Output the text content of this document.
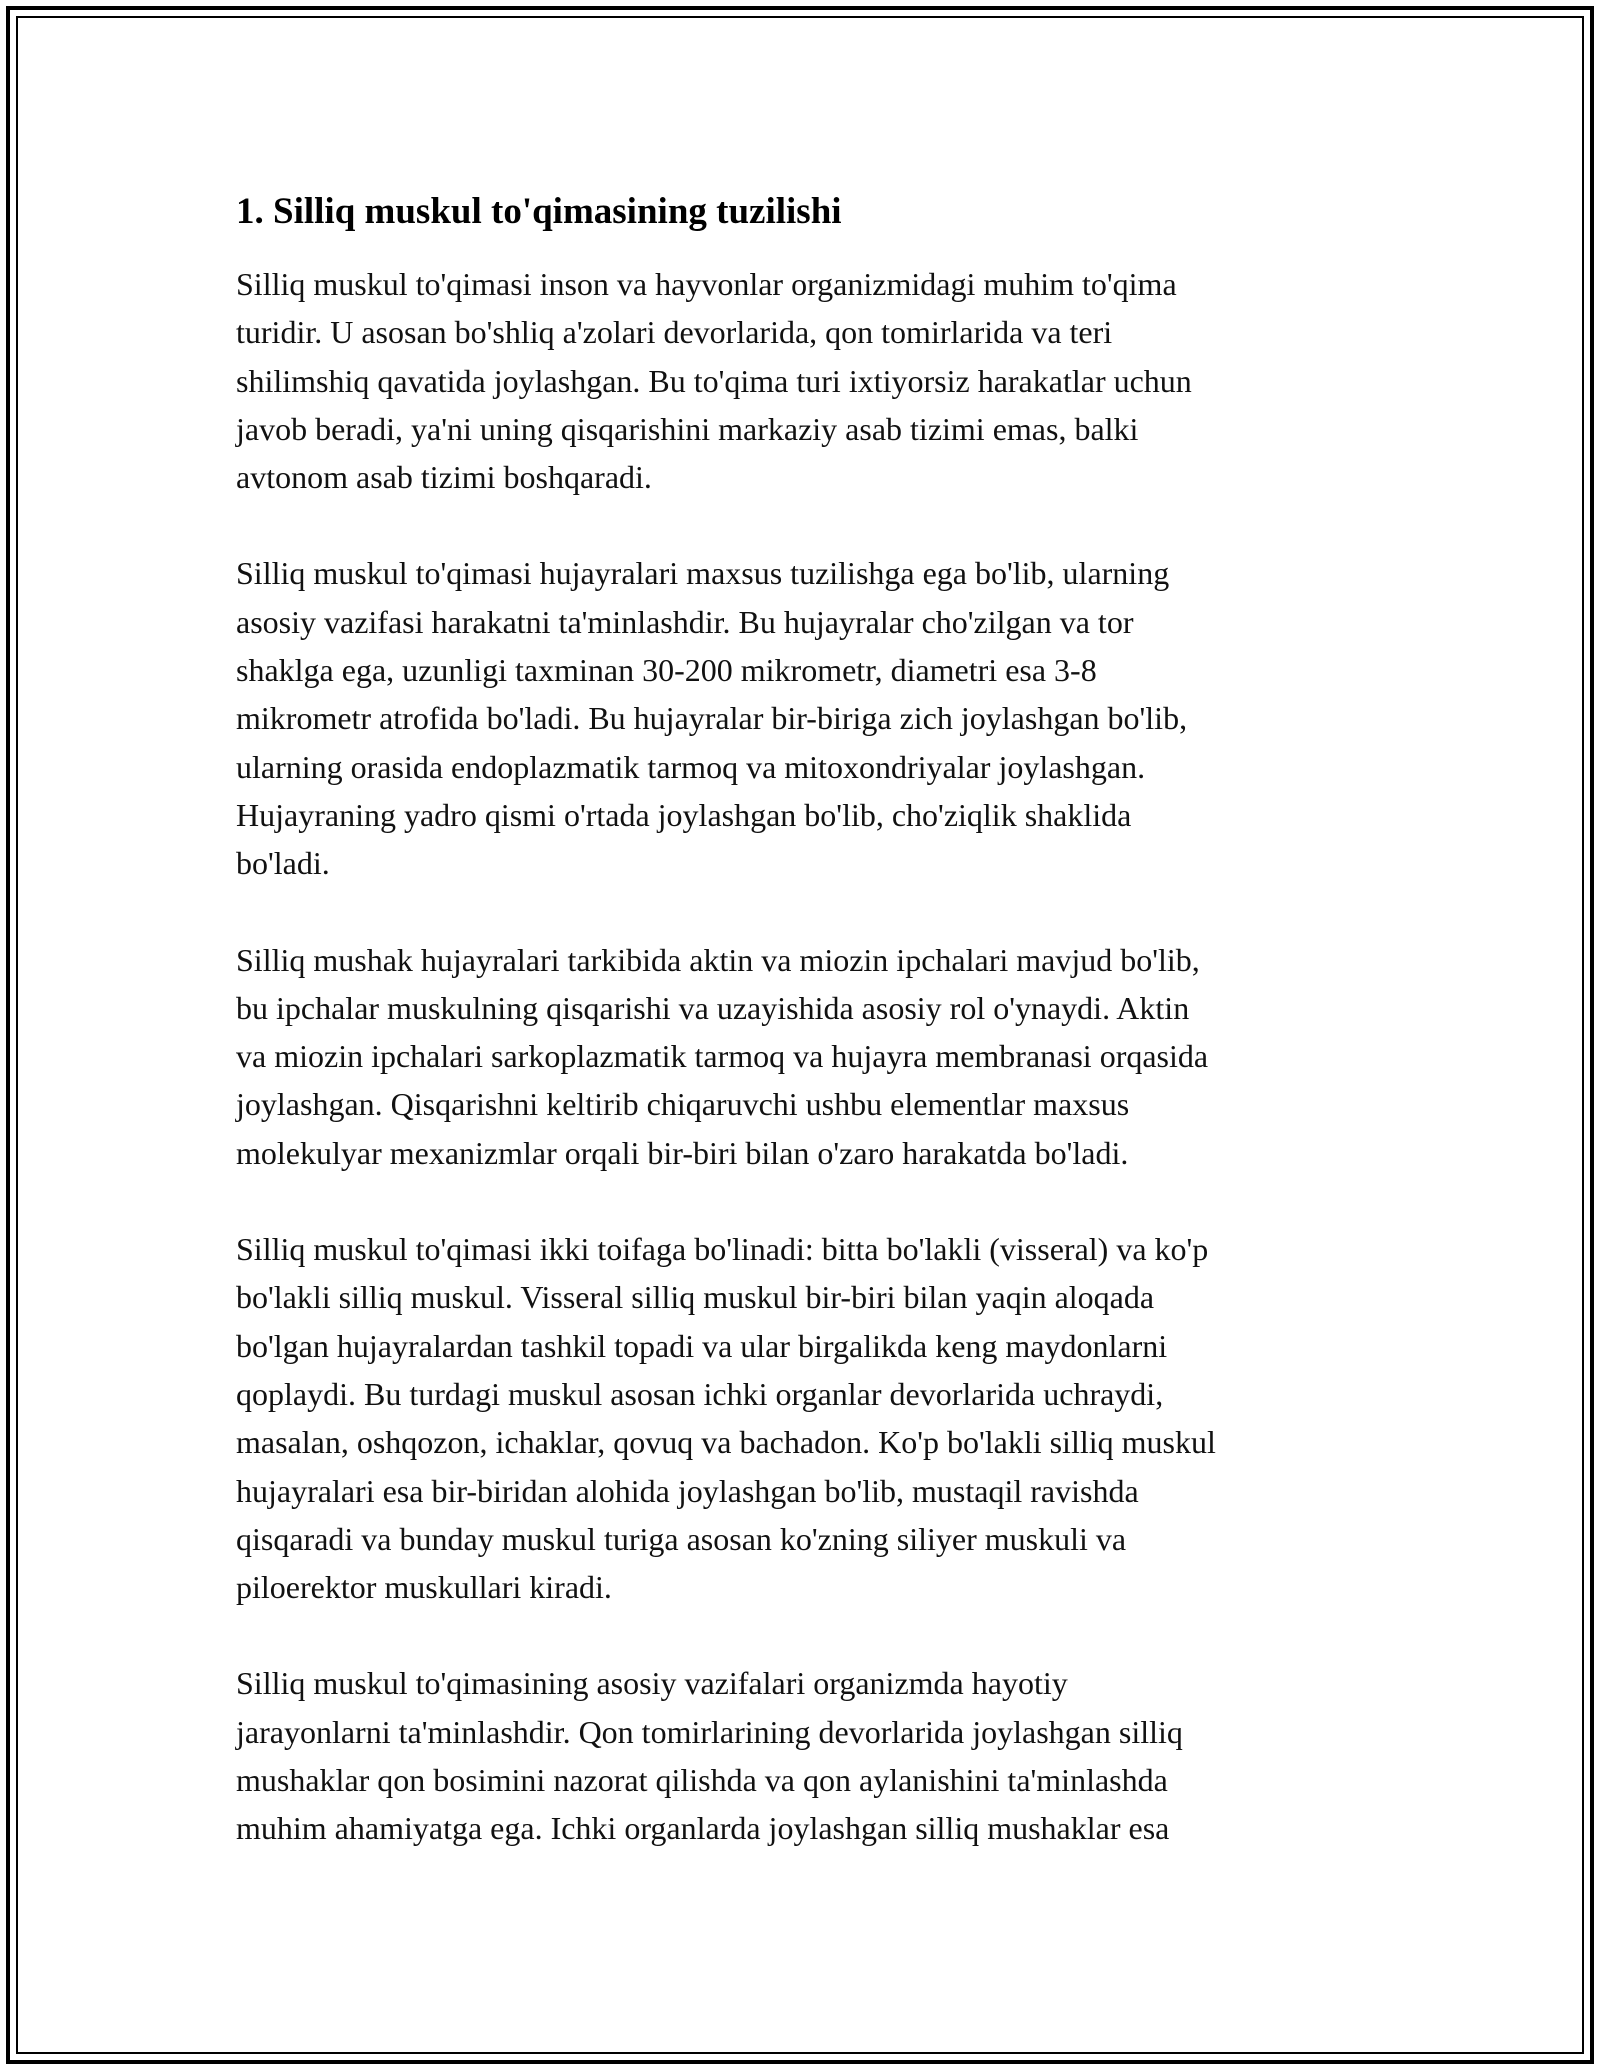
1. Silliq muskul to'qimasining tuzilishi

Silliq muskul to'qimasi inson va hayvonlar organizmidagi muhim to'qima
turidir. U asosan bo'shliq a'zolari devorlarida, qon tomirlarida va teri
shilimshiq qavatida joylashgan. Bu to'qima turi ixtiyorsiz harakatlar uchun
javob beradi, ya'ni uning qisqarishini markaziy asab tizimi emas, balki
avtonom asab tizimi boshqaradi.

Silliq muskul to'qimasi hujayralari maxsus tuzilishga ega bo'lib, ularning
asosiy vazifasi harakatni ta'minlashdir. Bu hujayralar cho'zilgan va tor
shaklga ega, uzunligi taxminan 30-200 mikrometr, diametri esa 3-8
mikrometr atrofida bo'ladi. Bu hujayralar bir-biriga zich joylashgan bo'lib,
ularning orasida endoplazmatik tarmoq va mitoxondriyalar joylashgan.
Hujayraning yadro qismi o'rtada joylashgan bo'lib, cho'ziqlik shaklida
bo'ladi.

Silliq mushak hujayralari tarkibida aktin va miozin ipchalari mavjud bo'lib,
bu ipchalar muskulning qisqarishi va uzayishida asosiy rol o'ynaydi. Aktin
va miozin ipchalari sarkoplazmatik tarmoq va hujayra membranasi orqasida
joylashgan. Qisqarishni keltirib chiqaruvchi ushbu elementlar maxsus
molekulyar mexanizmlar orqali bir-biri bilan o'zaro harakatda bo'ladi.

Silliq muskul to'qimasi ikki toifaga bo'linadi: bitta bo'lakli (visseral) va ko'p
bo'lakli silliq muskul. Visseral silliq muskul bir-biri bilan yaqin aloqada
bo'lgan hujayralardan tashkil topadi va ular birgalikda keng maydonlarni
qoplaydi. Bu turdagi muskul asosan ichki organlar devorlarida uchraydi,
masalan, oshqozon, ichaklar, qovuq va bachadon. Ko'p bo'lakli silliq muskul
hujayralari esa bir-biridan alohida joylashgan bo'lib, mustaqil ravishda
qisqaradi va bunday muskul turiga asosan ko'zning siliyer muskuli va
piloerektor muskullari kiradi.

Silliq muskul to'qimasining asosiy vazifalari organizmda hayotiy
jarayonlarni ta'minlashdir. Qon tomirlarining devorlarida joylashgan silliq
mushaklar qon bosimini nazorat qilishda va qon aylanishini ta'minlashda
muhim ahamiyatga ega. Ichki organlarda joylashgan silliq mushaklar esa
